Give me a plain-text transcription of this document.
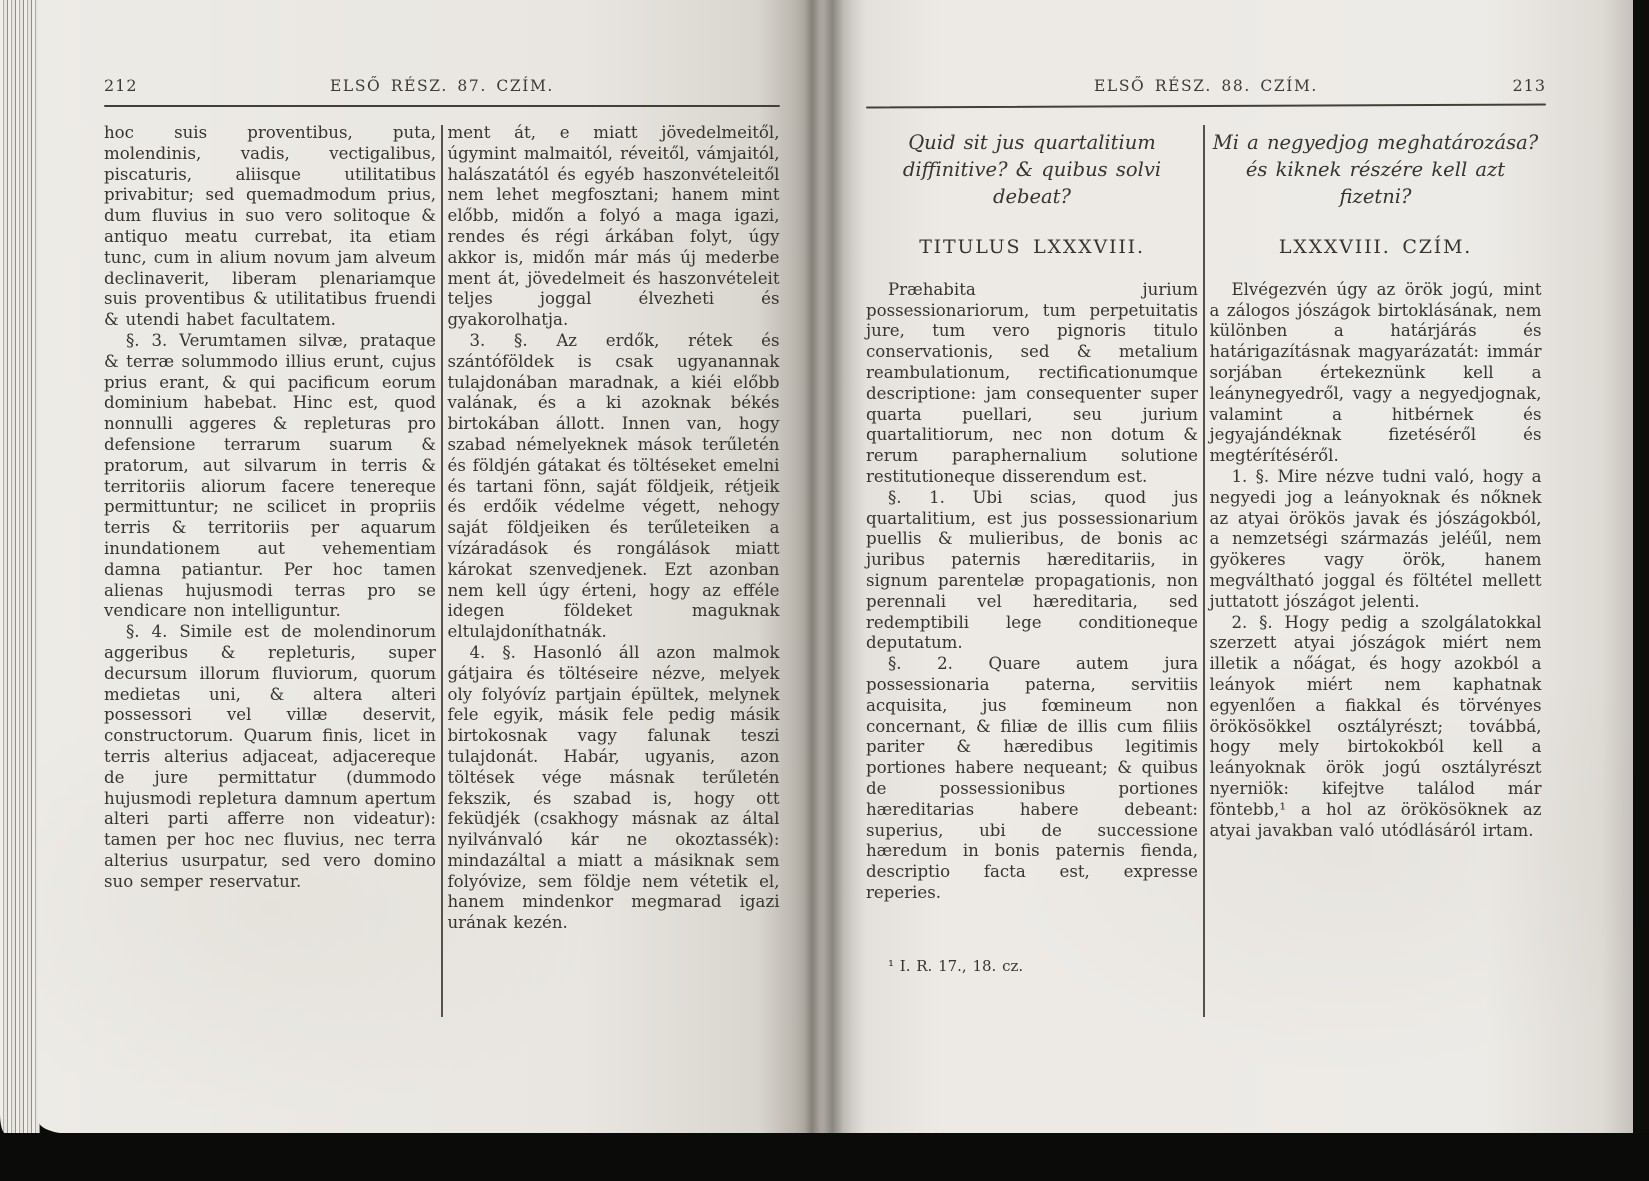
212	ELSŐ RÉSZ. 87. CZÍM.

hoc suis proventibus, puta, molendinis, vadis, vectigalibus, piscaturis, aliisque utilitatibus privabitur; sed quemadmodum prius, dum fluvius in suo vero solitoque & antiquo meatu currebat, ita etiam tunc, cum in alium novum jam alveum declinaverit, liberam plenariamque suis proventibus & utilitatibus fruendi & utendi habet facultatem.

§. 3. Verumtamen silvæ, prataque & terræ solummodo illius erunt, cujus prius erant, & qui pacificum eorum dominium habebat. Hinc est, quod nonnulli aggeres & repleturas pro defensione terrarum suarum & pratorum, aut silvarum in terris & territoriis aliorum facere tenereque permittuntur; ne scilicet in propriis terris & territoriis per aquarum inundationem aut vehementiam damna patiantur. Per hoc tamen alienas hujusmodi terras pro se vendicare non intelliguntur.

§. 4. Simile est de molendinorum aggeribus & repleturis, super decursum illorum fluviorum, quorum medietas uni, & altera alteri possessori vel villæ deservit, constructorum. Quarum finis, licet in terris alterius adjaceat, adjacereque de jure permittatur (dummodo hujusmodi repletura damnum apertum alteri parti afferre non videatur): tamen per hoc nec fluvius, nec terra alterius usurpatur, sed vero domino suo semper reservatur.

ment át, e miatt jövedelmeitől, úgymint malmaitól, réveitől, vámjaitól, halászatától és egyéb haszonvételeitől nem lehet megfosztani; hanem mint előbb, midőn a folyó a maga igazi, rendes és régi árkában folyt, úgy akkor is, midőn már más új mederbe ment át, jövedelmeit és haszonvételeit teljes joggal élvezheti és gyakorolhatja.

3. §. Az erdők, rétek és szántóföldek is csak ugyanannak tulajdonában maradnak, a kiéi előbb valának, és a ki azoknak békés birtokában állott. Innen van, hogy szabad némelyeknek mások terűletén és földjén gátakat és töltéseket emelni és tartani fönn, saját földjeik, rétjeik és erdőik védelme végett, nehogy saját földjeiken és terűleteiken a vízáradások és rongálások miatt károkat szenvedjenek. Ezt azonban nem kell úgy érteni, hogy az efféle idegen földeket maguknak eltulajdoníthatnák.

4. §. Hasonló áll azon malmok gátjaira és töltéseire nézve, melyek oly folyóvíz partjain épültek, melynek fele egyik, másik fele pedig másik birtokosnak vagy falunak teszi tulajdonát. Habár, ugyanis, azon töltések vége másnak terűletén fekszik, és szabad is, hogy ott feküdjék (csakhogy másnak az által nyilvánvaló kár ne okoztassék): mindazáltal a miatt a másiknak sem folyóvize, sem földje nem vétetik el, hanem mindenkor megmarad igazi urának kezén.

ELSŐ RÉSZ. 88. CZÍM.	213

Quid sit jus quartalitium diffinitive? & quibus solvi debeat?

TITULUS LXXXVIII.

Præhabita jurium possessionariorum, tum perpetuitatis jure, tum vero pignoris titulo conservationis, sed & metalium reambulationum, rectificationumque descriptione: jam consequenter super quarta puellari, seu jurium quartalitiorum, nec non dotum & rerum paraphernalium solutione restitutioneque disserendum est.

§. 1. Ubi scias, quod jus quartalitium, est jus possessionarium puellis & mulieribus, de bonis ac juribus paternis hæreditariis, in signum parentelæ propagationis, non perennali vel hæreditaria, sed redemptibili lege conditioneque deputatum.

§. 2. Quare autem jura possessionaria paterna, servitiis acquisita, jus fœmineum non concernant, & filiæ de illis cum filiis pariter & hæredibus legitimis portiones habere nequeant; & quibus de possessionibus portiones hæreditarias habere debeant: superius, ubi de successione hæredum in bonis paternis fienda, descriptio facta est, expresse reperies.

¹ I. R. 17., 18. cz.

Mi a negyedjog meghatározása? és kiknek részére kell azt fizetni?

LXXXVIII. CZÍM.

Elvégezvén úgy az örök jogú, mint a zálogos jószágok birtoklásának, nem különben a határjárás és határigazításnak magyarázatát: immár sorjában értekeznünk kell a leánynegyedről, vagy a negyedjognak, valamint a hitbérnek és jegyajándéknak fizetéséről és megtérítéséről.

1. §. Mire nézve tudni való, hogy a negyedi jog a leányoknak és nőknek az atyai örökös javak és jószágokból, a nemzetségi származás jeléűl, nem gyökeres vagy örök, hanem megváltható joggal és föltétel mellett juttatott jószágot jelenti.

2. §. Hogy pedig a szolgálatokkal szerzett atyai jószágok miért nem illetik a nőágat, és hogy azokból a leányok miért nem kaphatnak egyenlően a fiakkal és törvényes örökösökkel osztályrészt; továbbá, hogy mely birtokokból kell a leányoknak örök jogú osztályrészt nyerniök: kifejtve találod már föntebb,¹ a hol az örökösöknek az atyai javakban való utódlásáról irtam.
